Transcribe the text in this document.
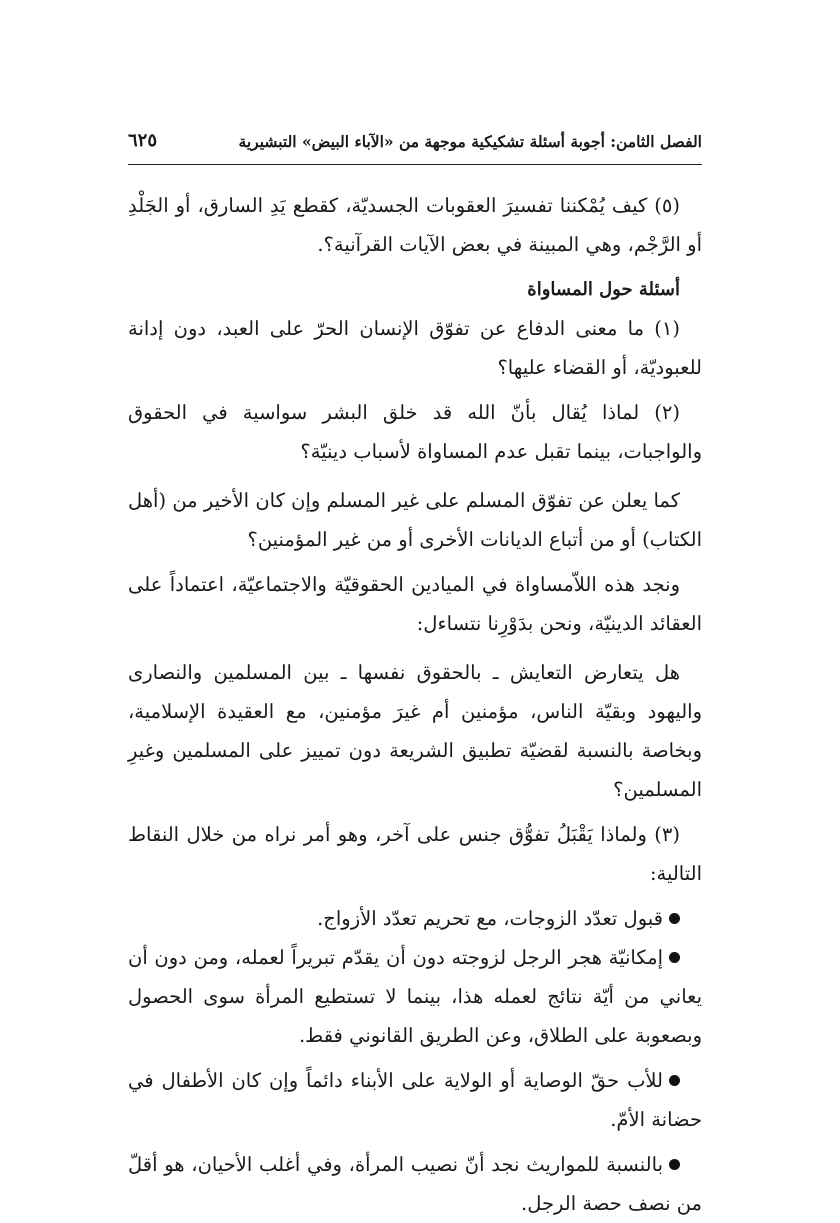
الفصل الثامن: أجوبة أسئلة تشكيكية موجهة من «الآباء البيض» التبشيرية
٦٢٥

(٥) كيف يُمْكننا تفسيرَ العقوبات الجسديّة، كقطع يَدِ السارق، أو الجَلْدِ أو الرَّجْم، وهي المبينة في بعض الآيات القرآنية؟.

أسئلة حول المساواة

(١) ما معنى الدفاع عن تفوّق الإنسان الحرّ على العبد، دون إدانة للعبوديّة، أو القضاء عليها؟

(٢) لماذا يُقال بأنّ الله قد خلق البشر سواسية في الحقوق والواجبات، بينما تقبل عدم المساواة لأسباب دينيّة؟

كما يعلن عن تفوّق المسلم على غير المسلم وإن كان الأخير من (أهل الكتاب) أو من أتباع الديانات الأخرى أو من غير المؤمنين؟

ونجد هذه اللاّمساواة في الميادين الحقوقيّة والاجتماعيّة، اعتماداً على العقائد الدينيّة، ونحن بدَوْرِنا نتساءل:

هل يتعارض التعايش ـ بالحقوق نفسها ـ بين المسلمين والنصارى واليهود وبقيّة الناس، مؤمنين أم غيرَ مؤمنين، مع العقيدة الإسلامية، وبخاصة بالنسبة لقضيّة تطبيق الشريعة دون تمييز على المسلمين وغيرِ المسلمين؟

(٣) ولماذا يَقْبَلُ تفوُّق جنس على آخر، وهو أمر نراه من خلال النقاط التالية:

قبول تعدّد الزوجات، مع تحريم تعدّد الأزواج.

إمكانيّة هجر الرجل لزوجته دون أن يقدّم تبريراً لعمله، ومن دون أن يعاني من أيّة نتائج لعمله هذا، بينما لا تستطيع المرأة سوى الحصول وبصعوبة على الطلاق، وعن الطريق القانوني فقط.

للأب حقّ الوصاية أو الولاية على الأبناء دائماً وإن كان الأطفال في حضانة الأمّ.

بالنسبة للمواريث نجد أنّ نصيب المرأة، وفي أغلب الأحيان، هو أقلّ من نصف حصة الرجل.
